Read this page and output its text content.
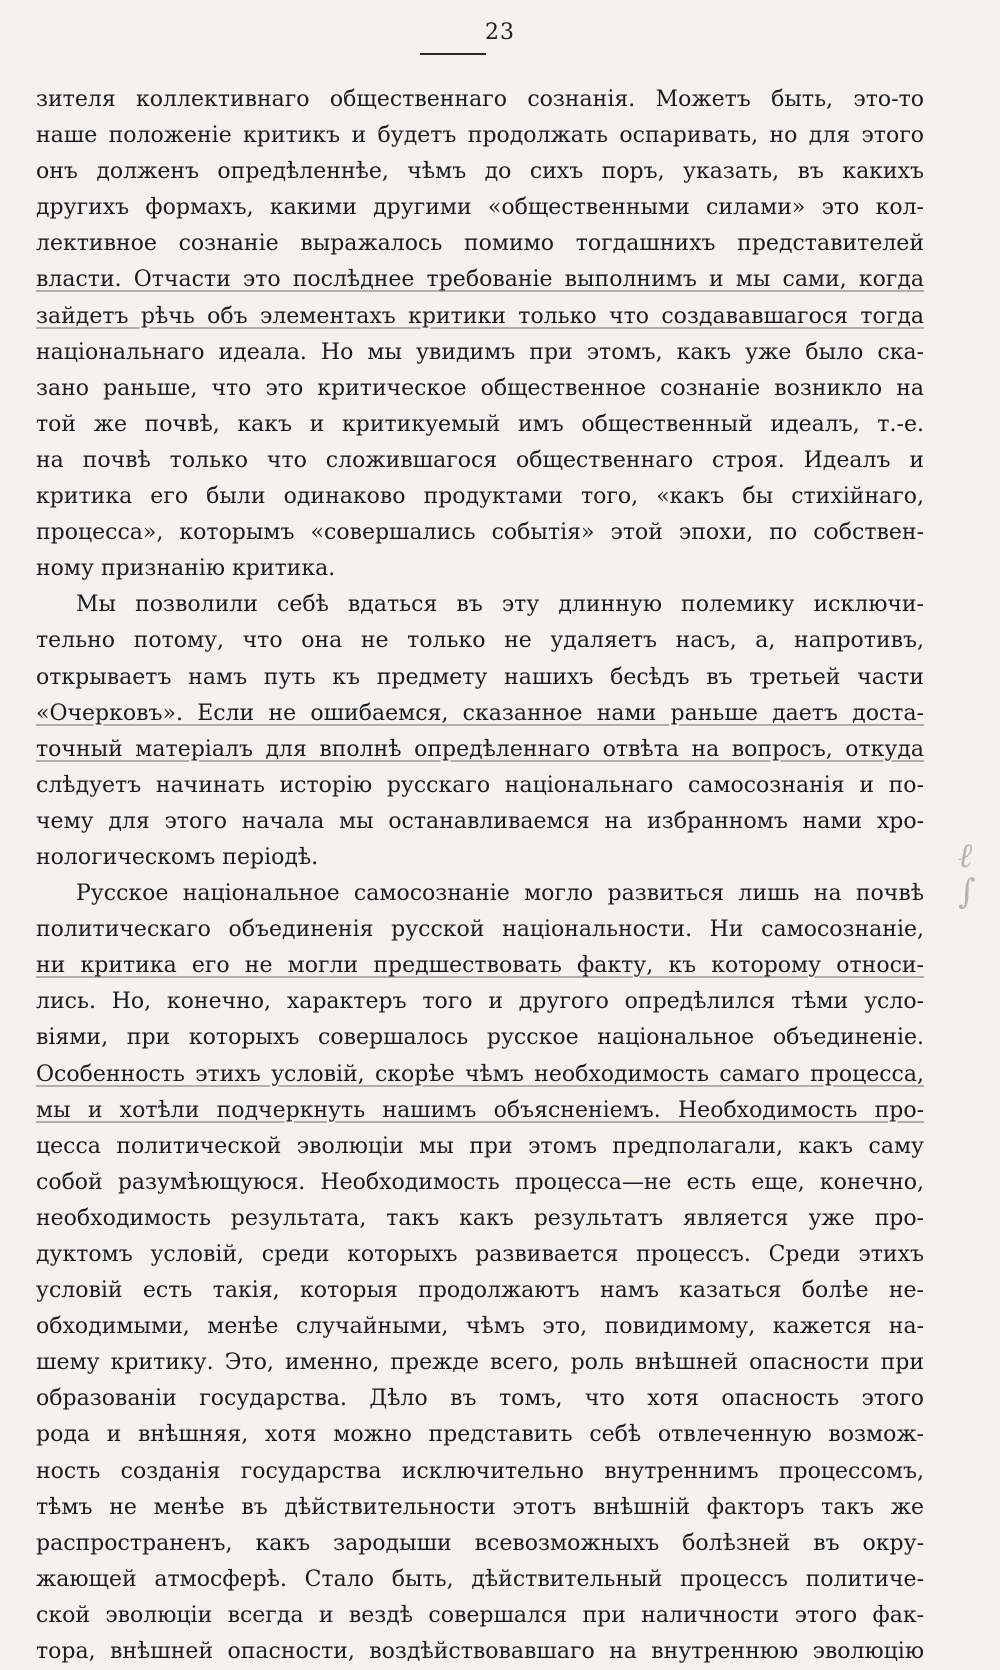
23
зителя коллективнаго общественнаго сознанія. Можетъ быть, это-то
наше положеніе критикъ и будетъ продолжать оспаривать, но для этого
онъ долженъ опредѣленнѣе, чѣмъ до сихъ поръ, указать, въ какихъ
другихъ формахъ, какими другими «общественными силами» это кол-
лективное сознаніе выражалось помимо тогдашнихъ представителей
власти. Отчасти это послѣднее требованіе выполнимъ и мы сами, когда
зайдетъ рѣчь объ элементахъ критики только что создававшагося тогда
національнаго идеала. Но мы увидимъ при этомъ, какъ уже было ска-
зано раньше, что это критическое общественное сознаніе возникло на
той же почвѣ, какъ и критикуемый имъ общественный идеалъ, т.-е.
на почвѣ только что сложившагося общественнаго строя. Идеалъ и
критика его были одинаково продуктами того, «какъ бы стихійнаго,
процесса», которымъ «совершались событія» этой эпохи, по собствен-
ному признанію критика.
Мы позволили себѣ вдаться въ эту длинную полемику исключи-
тельно потому, что она не только не удаляетъ насъ, а, напротивъ,
открываетъ намъ путь къ предмету нашихъ бесѣдъ въ третьей части
«Очерковъ». Если не ошибаемся, сказанное нами раньше даетъ доста-
точный матеріалъ для вполнѣ опредѣленнаго отвѣта на вопросъ, откуда
слѣдуетъ начинать исторію русскаго національнаго самосознанія и по-
чему для этого начала мы останавливаемся на избранномъ нами хро-
нологическомъ періодѣ.
Русское національное самосознаніе могло развиться лишь на почвѣ
политическаго объединенія русской національности. Ни самосознаніе,
ни критика его не могли предшествовать факту, къ которому относи-
лись. Но, конечно, характеръ того и другого опредѣлился тѣми усло-
віями, при которыхъ совершалось русское національное объединеніе.
Особенность этихъ условій, скорѣе чѣмъ необходимость самаго процесса,
мы и хотѣли подчеркнуть нашимъ объясненіемъ. Необходимость про-
цесса политической эволюціи мы при этомъ предполагали, какъ саму
собой разумѣющуюся. Необходимость процесса—не есть еще, конечно,
необходимость результата, такъ какъ результатъ является уже про-
дуктомъ условій, среди которыхъ развивается процессъ. Среди этихъ
условій есть такія, которыя продолжаютъ намъ казаться болѣе не-
обходимыми, менѣе случайными, чѣмъ это, повидимому, кажется на-
шему критику. Это, именно, прежде всего, роль внѣшней опасности при
образованіи государства. Дѣло въ томъ, что хотя опасность этого
рода и внѣшняя, хотя можно представить себѣ отвлеченную возмож-
ность созданія государства исключительно внутреннимъ процессомъ,
тѣмъ не менѣе въ дѣйствительности этотъ внѣшній факторъ такъ же
распространенъ, какъ зародыши всевозможныхъ болѣзней въ окру-
жающей атмосферѣ. Стало быть, дѣйствительный процессъ политиче-
ской эволюціи всегда и вездѣ совершался при наличности этого фак-
тора, внѣшней опасности, воздѣйствовавшаго на внутреннюю эволюцію
ℓ
∫
